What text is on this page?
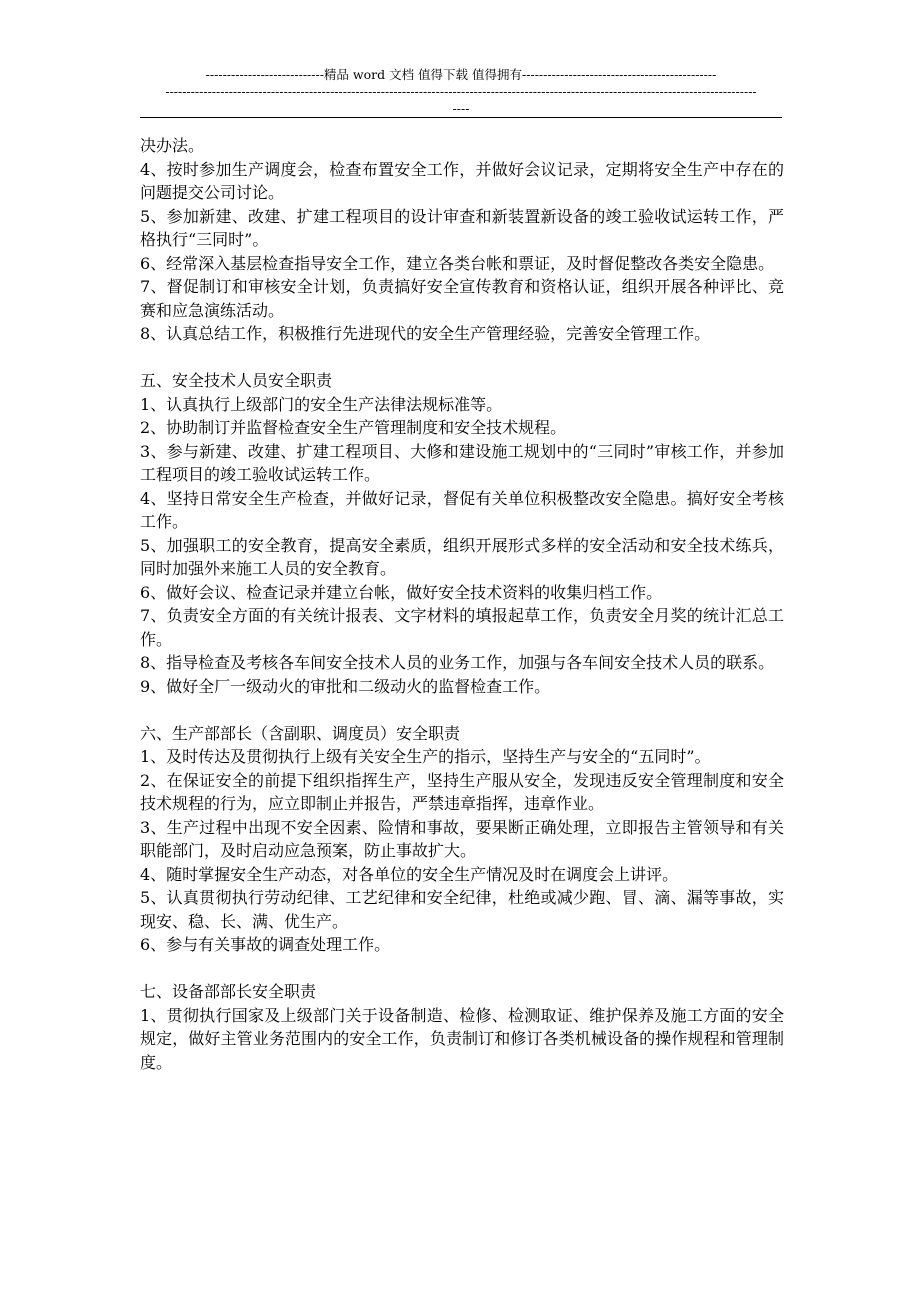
----------------------------精品 word 文档 值得下载 值得拥有----------------------------------------------
--------------------------------------------------------------------------------------------------------------------------------------------
----

决办法。

4、按时参加生产调度会，检查布置安全工作，并做好会议记录，定期将安全生产中存在的问题提交公司讨论。

5、参加新建、改建、扩建工程项目的设计审查和新装置新设备的竣工验收试运转工作，严格执行“三同时”。

6、经常深入基层检查指导安全工作，建立各类台帐和票证，及时督促整改各类安全隐患。

7、督促制订和审核安全计划，负责搞好安全宣传教育和资格认证，组织开展各种评比、竞赛和应急演练活动。

8、认真总结工作，积极推行先进现代的安全生产管理经验，完善安全管理工作。

五、安全技术人员安全职责

1、认真执行上级部门的安全生产法律法规标准等。

2、协助制订并监督检查安全生产管理制度和安全技术规程。

3、参与新建、改建、扩建工程项目、大修和建设施工规划中的“三同时”审核工作，并参加工程项目的竣工验收试运转工作。

4、坚持日常安全生产检查，并做好记录，督促有关单位积极整改安全隐患。搞好安全考核工作。

5、加强职工的安全教育，提高安全素质，组织开展形式多样的安全活动和安全技术练兵，同时加强外来施工人员的安全教育。

6、做好会议、检查记录并建立台帐，做好安全技术资料的收集归档工作。

7、负责安全方面的有关统计报表、文字材料的填报起草工作，负责安全月奖的统计汇总工作。

8、指导检查及考核各车间安全技术人员的业务工作，加强与各车间安全技术人员的联系。

9、做好全厂一级动火的审批和二级动火的监督检查工作。

六、生产部部长（含副职、调度员）安全职责

1、及时传达及贯彻执行上级有关安全生产的指示，坚持生产与安全的“五同时”。

2、在保证安全的前提下组织指挥生产，坚持生产服从安全，发现违反安全管理制度和安全技术规程的行为，应立即制止并报告，严禁违章指挥，违章作业。

3、生产过程中出现不安全因素、险情和事故，要果断正确处理，立即报告主管领导和有关职能部门，及时启动应急预案，防止事故扩大。

4、随时掌握安全生产动态，对各单位的安全生产情况及时在调度会上讲评。

5、认真贯彻执行劳动纪律、工艺纪律和安全纪律，杜绝或减少跑、冒、滴、漏等事故，实现安、稳、长、满、优生产。

6、参与有关事故的调查处理工作。

七、设备部部长安全职责

1、贯彻执行国家及上级部门关于设备制造、检修、检测取证、维护保养及施工方面的安全规定，做好主管业务范围内的安全工作，负责制订和修订各类机械设备的操作规程和管理制度。
